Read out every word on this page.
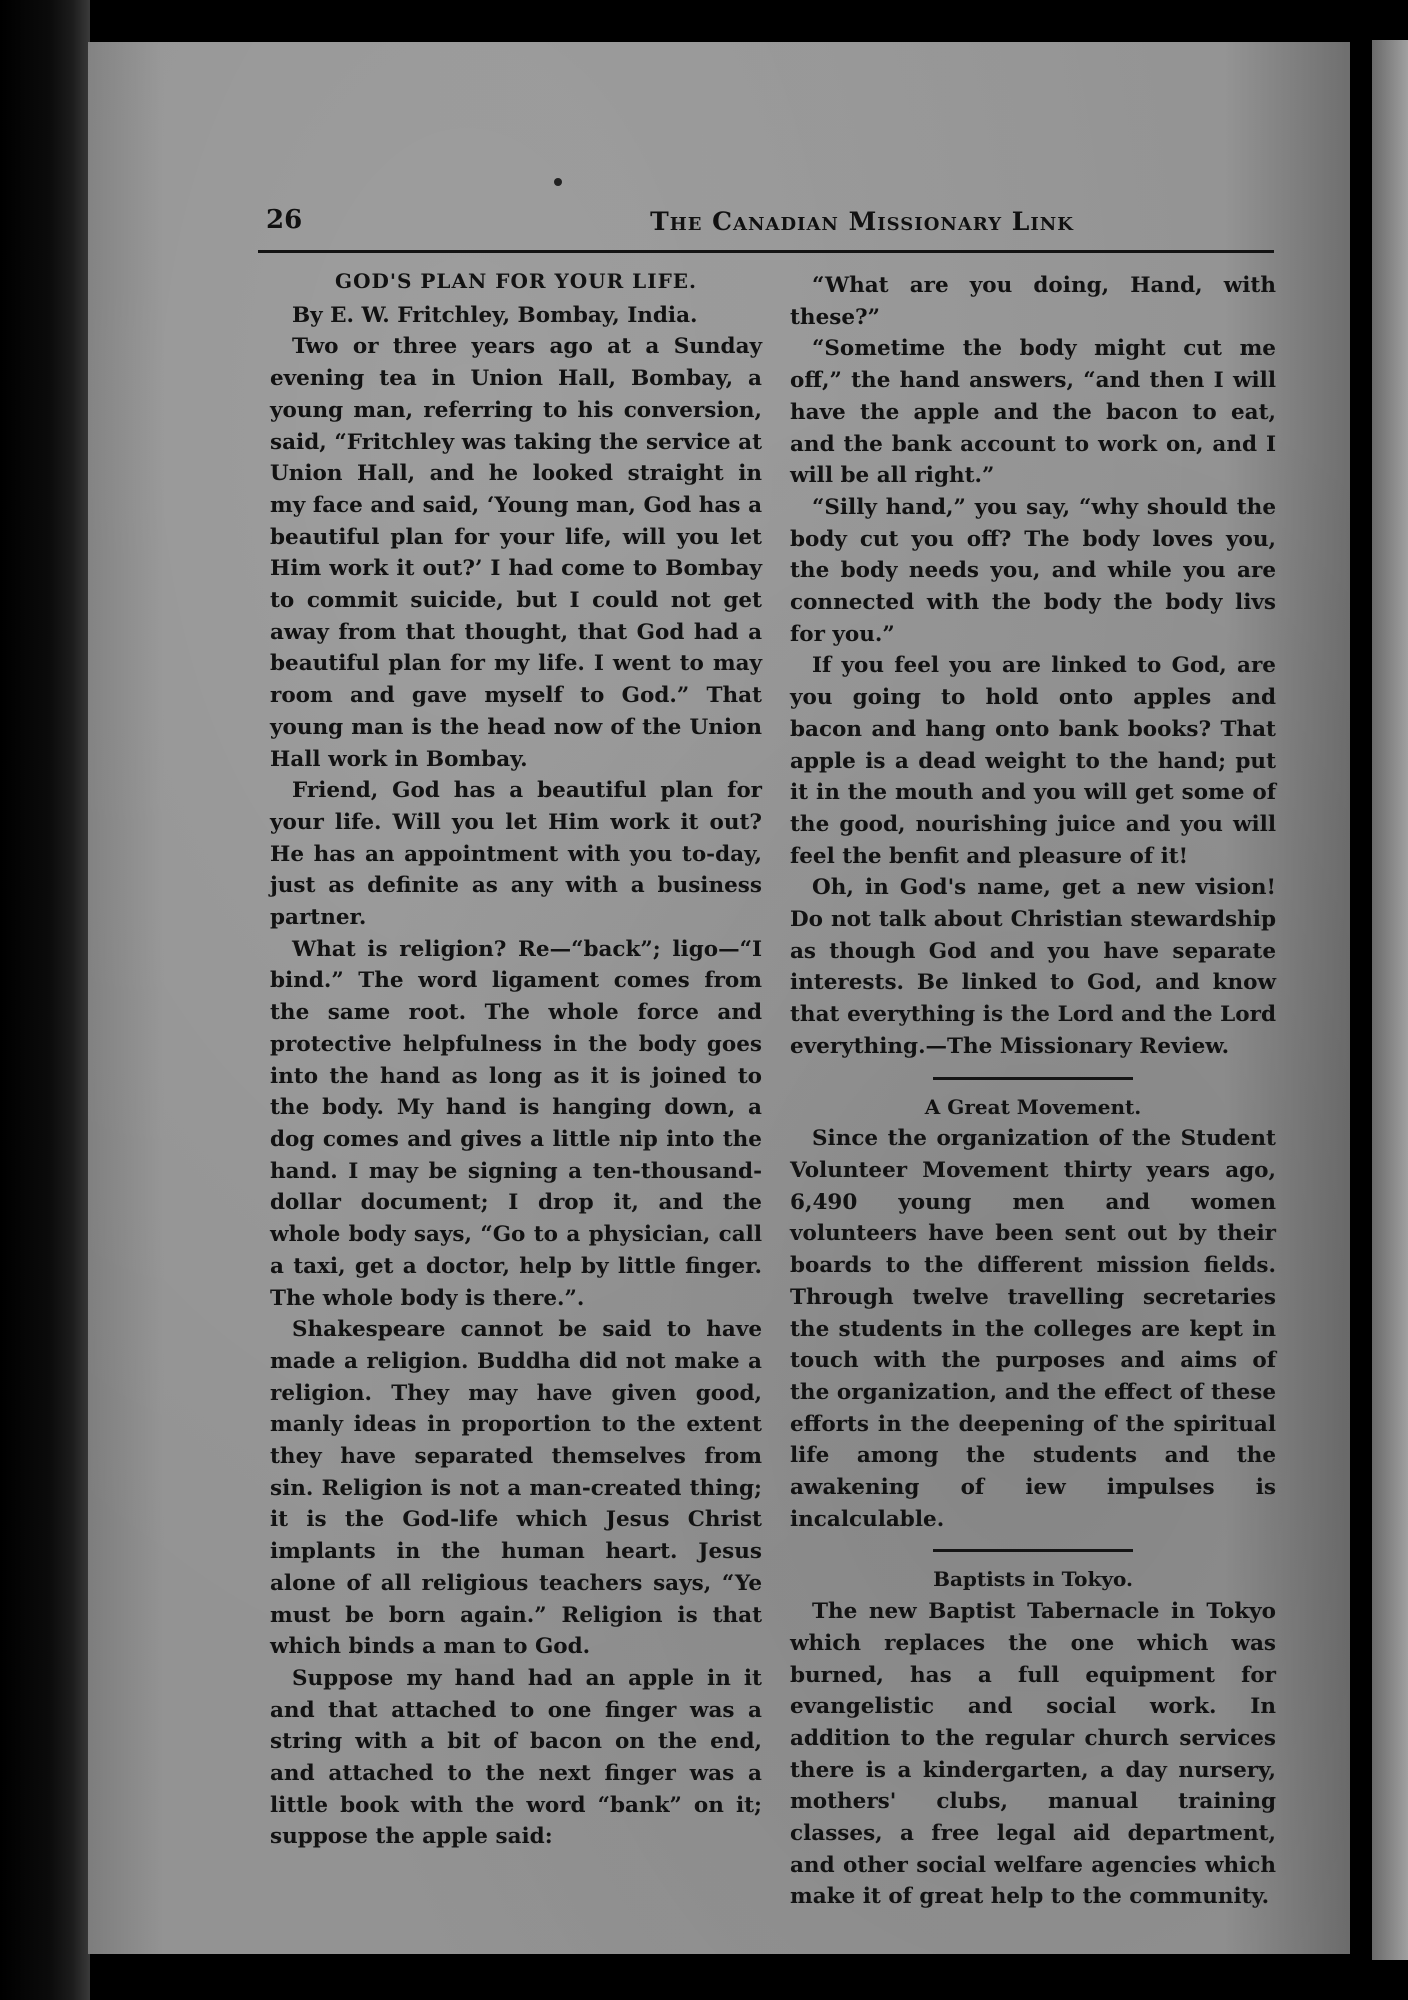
26	The Canadian Missionary Link
GOD'S PLAN FOR YOUR LIFE.

By E. W. Fritchley, Bombay, India.

Two or three years ago at a Sunday evening tea in Union Hall, Bombay, a young man, referring to his conversion, said, “Fritchley was taking the service at Union Hall, and he looked straight in my face and said, ‘Young man, God has a beautiful plan for your life, will you let Him work it out?’ I had come to Bombay to commit suicide, but I could not get away from that thought, that God had a beautiful plan for my life. I went to may room and gave myself to God.” That young man is the head now of the Union Hall work in Bombay.

Friend, God has a beautiful plan for your life. Will you let Him work it out? He has an appointment with you to-day, just as definite as any with a business partner.

What is religion? Re—“back”; ligo—“I bind.” The word ligament comes from the same root. The whole force and protective helpfulness in the body goes into the hand as long as it is joined to the body. My hand is hanging down, a dog comes and gives a little nip into the hand. I may be signing a ten-thousand-dollar document; I drop it, and the whole body says, “Go to a physician, call a taxi, get a doctor, help by little finger. The whole body is there.”.

Shakespeare cannot be said to have made a religion. Buddha did not make a religion. They may have given good, manly ideas in proportion to the extent they have separated themselves from sin. Religion is not a man-created thing; it is the God-life which Jesus Christ implants in the human heart. Jesus alone of all religious teachers says, “Ye must be born again.” Religion is that which binds a man to God.

Suppose my hand had an apple in it and that attached to one finger was a string with a bit of bacon on the end, and attached to the next finger was a little book with the word “bank” on it; suppose the apple said:

“What are you doing, Hand, with these?”

“Sometime the body might cut me off,” the hand answers, “and then I will have the apple and the bacon to eat, and the bank account to work on, and I will be all right.”

“Silly hand,” you say, “why should the body cut you off? The body loves you, the body needs you, and while you are connected with the body the body livs for you.”

If you feel you are linked to God, are you going to hold onto apples and bacon and hang onto bank books? That apple is a dead weight to the hand; put it in the mouth and you will get some of the good, nourishing juice and you will feel the benfit and pleasure of it!

Oh, in God's name, get a new vision! Do not talk about Christian stewardship as though God and you have separate interests. Be linked to God, and know that everything is the Lord and the Lord everything.—The Missionary Review.

A Great Movement.

Since the organization of the Student Volunteer Movement thirty years ago, 6,490 young men and women volunteers have been sent out by their boards to the different mission fields. Through twelve travelling secretaries the students in the colleges are kept in touch with the purposes and aims of the organization, and the effect of these efforts in the deepening of the spiritual life among the students and the awakening of iew impulses is incalculable.

Baptists in Tokyo.

The new Baptist Tabernacle in Tokyo which replaces the one which was burned, has a full equipment for evangelistic and social work. In addition to the regular church services there is a kindergarten, a day nursery, mothers' clubs, manual training classes, a free legal aid department, and other social welfare agencies which make it of great help to the community.
